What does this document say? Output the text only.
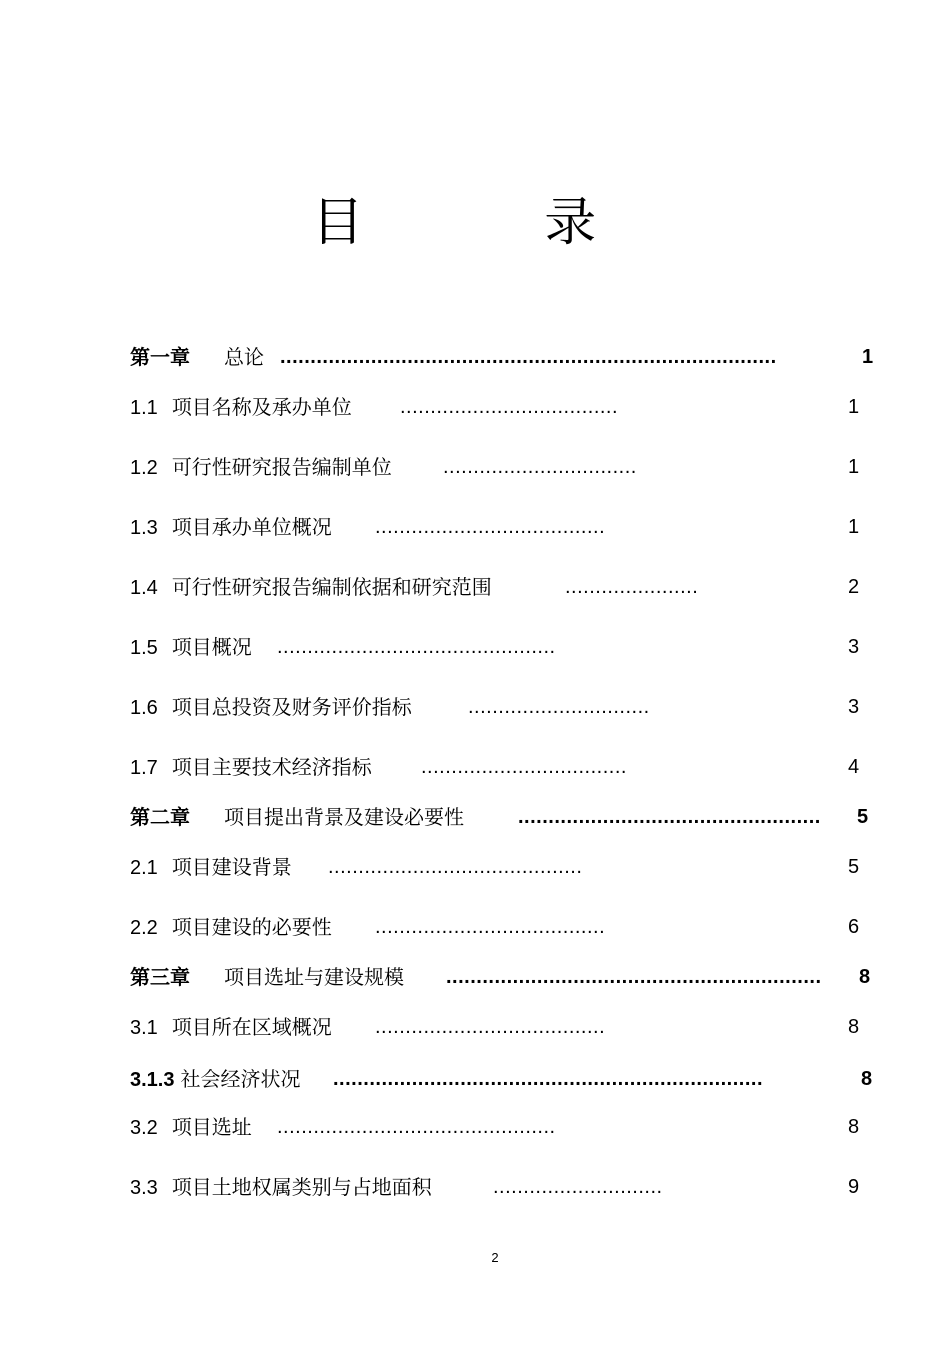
目 录
第一章 总论 ..................................................................................	1
1.1 项目名称及承办单位 ....................................	1
1.2 可行性研究报告编制单位	................................	1
1.3 项目承办单位概况 ......................................	1
1.4 可行性研究报告编制依据和研究范围	......................	2
1.5 项目概况 ..............................................	3
1.6 项目总投资及财务评价指标	..............................	3
1.7 项目主要技术经济指标 ..................................	4
第二章 项目提出背景及建设必要性	..................................................	5
2.1 项目建设背景 ..........................................	5
2.2 项目建设的必要性 ......................................	6
第三章 项目选址与建设规模 ..............................................................	8
3.1 项目所在区域概况 ......................................	8
3.1.3 社会经济状况 .......................................................................	8
3.2 项目选址 ..............................................	8
3.3 项目土地权属类别与占地面积	............................	9
2
